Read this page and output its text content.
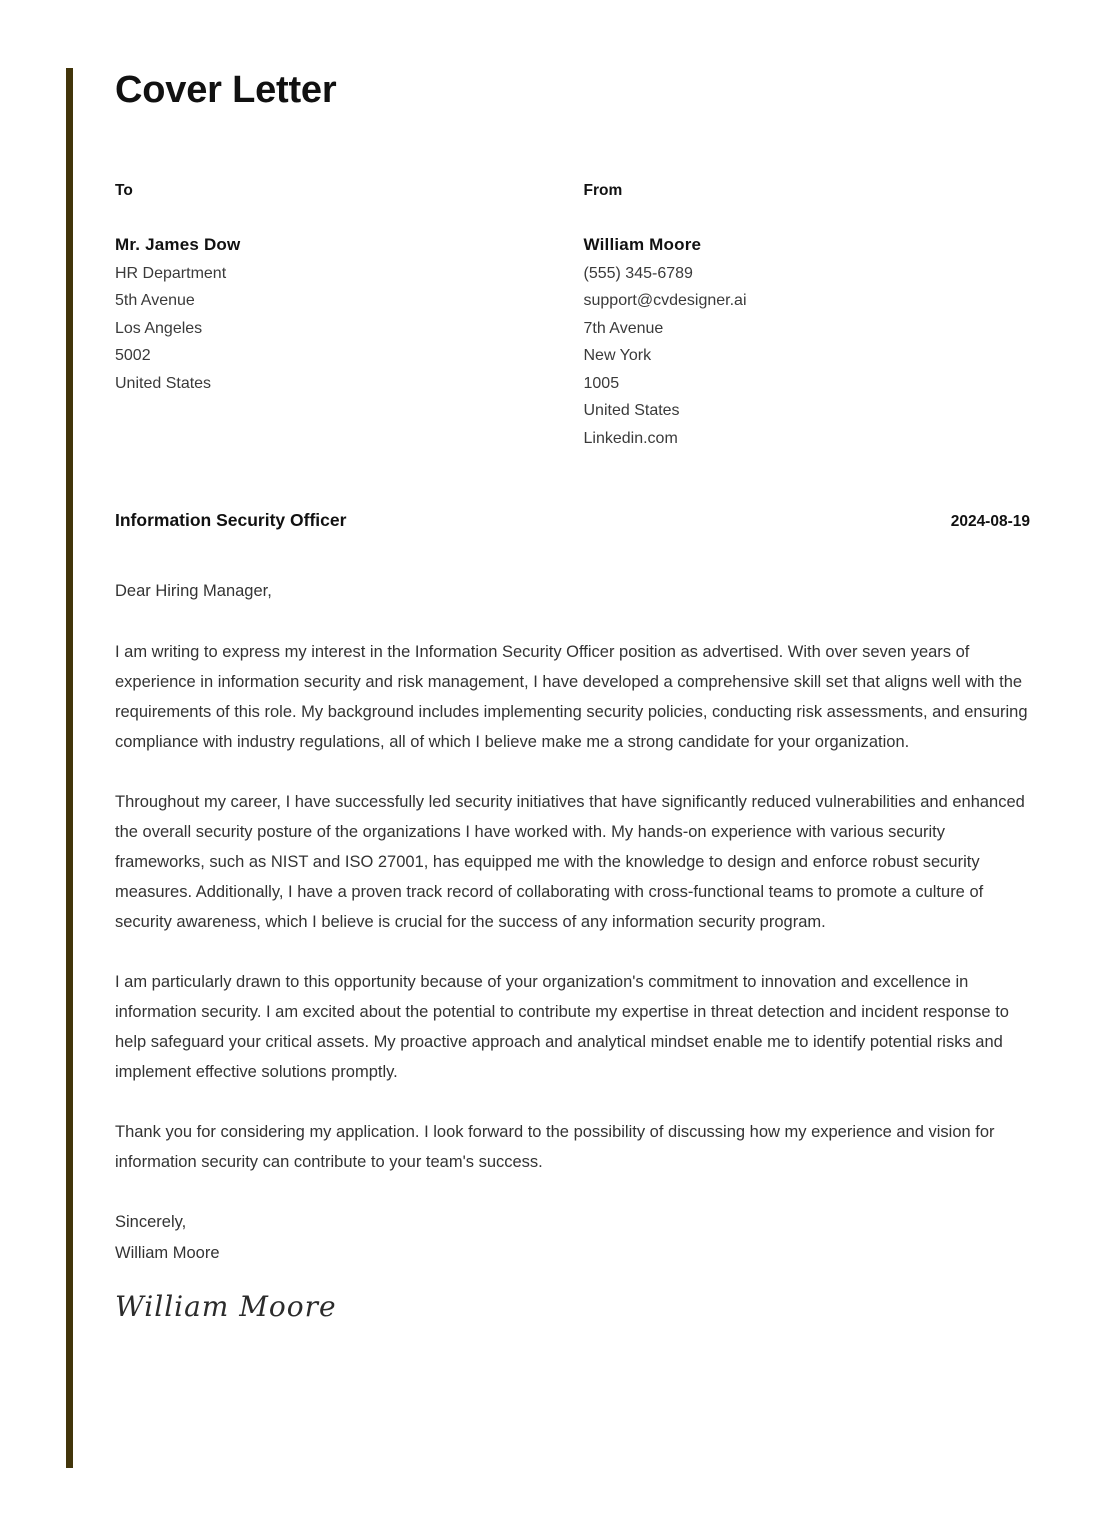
Cover Letter
To
Mr. James Dow
HR Department
5th Avenue
Los Angeles
5002
United States
From
William Moore
(555) 345-6789
support@cvdesigner.ai
7th Avenue
New York
1005
United States
Linkedin.com
Information Security Officer	2024-08-19
Dear Hiring Manager,

I am writing to express my interest in the Information Security Officer position as advertised. With over seven years of experience in information security and risk management, I have developed a comprehensive skill set that aligns well with the requirements of this role. My background includes implementing security policies, conducting risk assessments, and ensuring compliance with industry regulations, all of which I believe make me a strong candidate for your organization.

Throughout my career, I have successfully led security initiatives that have significantly reduced vulnerabilities and enhanced the overall security posture of the organizations I have worked with. My hands-on experience with various security frameworks, such as NIST and ISO 27001, has equipped me with the knowledge to design and enforce robust security measures. Additionally, I have a proven track record of collaborating with cross-functional teams to promote a culture of security awareness, which I believe is crucial for the success of any information security program.

I am particularly drawn to this opportunity because of your organization's commitment to innovation and excellence in information security. I am excited about the potential to contribute my expertise in threat detection and incident response to help safeguard your critical assets. My proactive approach and analytical mindset enable me to identify potential risks and implement effective solutions promptly.

Thank you for considering my application. I look forward to the possibility of discussing how my experience and vision for information security can contribute to your team's success.

Sincerely,
William Moore
William Moore
